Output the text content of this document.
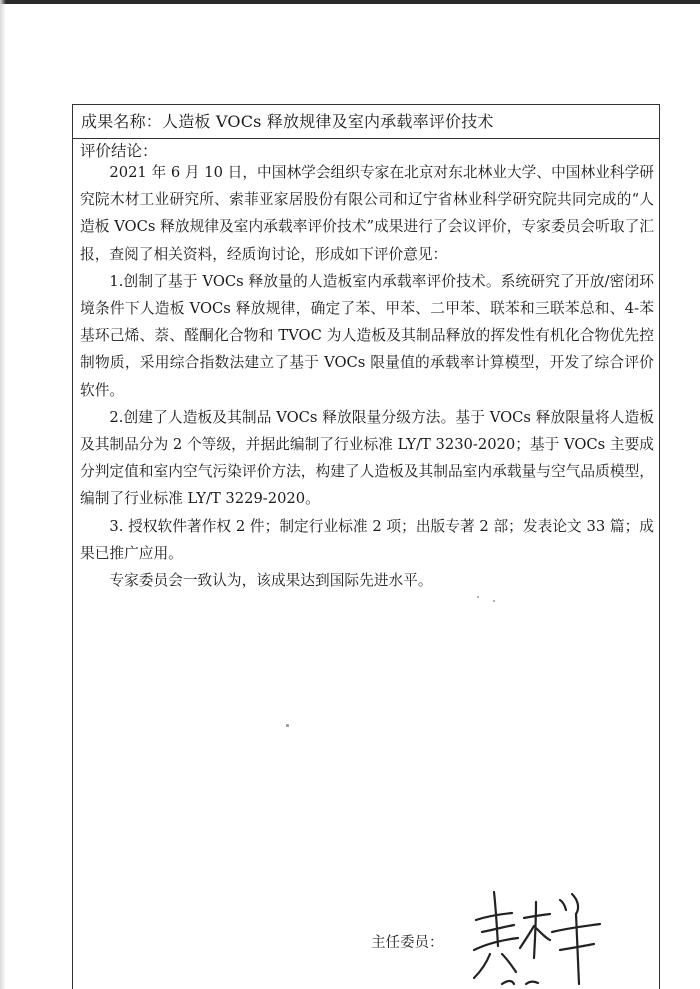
成果名称：人造板 VOCs 释放规律及室内承载率评价技术
评价结论：

2021 年 6 月 10 日，中国林学会组织专家在北京对东北林业大学、中国林业科学研究院木材工业研究所、索菲亚家居股份有限公司和辽宁省林业科学研究院共同完成的“人造板 VOCs 释放规律及室内承载率评价技术”成果进行了会议评价，专家委员会听取了汇报，查阅了相关资料，经质询讨论，形成如下评价意见：

1.创制了基于 VOCs 释放量的人造板室内承载率评价技术。系统研究了开放/密闭环境条件下人造板 VOCs 释放规律，确定了苯、甲苯、二甲苯、联苯和三联苯总和、4-苯基环己烯、萘、醛酮化合物和 TVOC 为人造板及其制品释放的挥发性有机化合物优先控制物质，采用综合指数法建立了基于 VOCs 限量值的承载率计算模型，开发了综合评价软件。

2.创建了人造板及其制品 VOCs 释放限量分级方法。基于 VOCs 释放限量将人造板及其制品分为 2 个等级，并据此编制了行业标准 LY/T 3230-2020；基于 VOCs 主要成分判定值和室内空气污染评价方法，构建了人造板及其制品室内承载量与空气品质模型，编制了行业标准 LY/T 3229-2020。

3. 授权软件著作权 2 件；制定行业标准 2 项；出版专著 2 部；发表论文 33 篇；成果已推广应用。

专家委员会一致认为，该成果达到国际先进水平。

主任委员：
